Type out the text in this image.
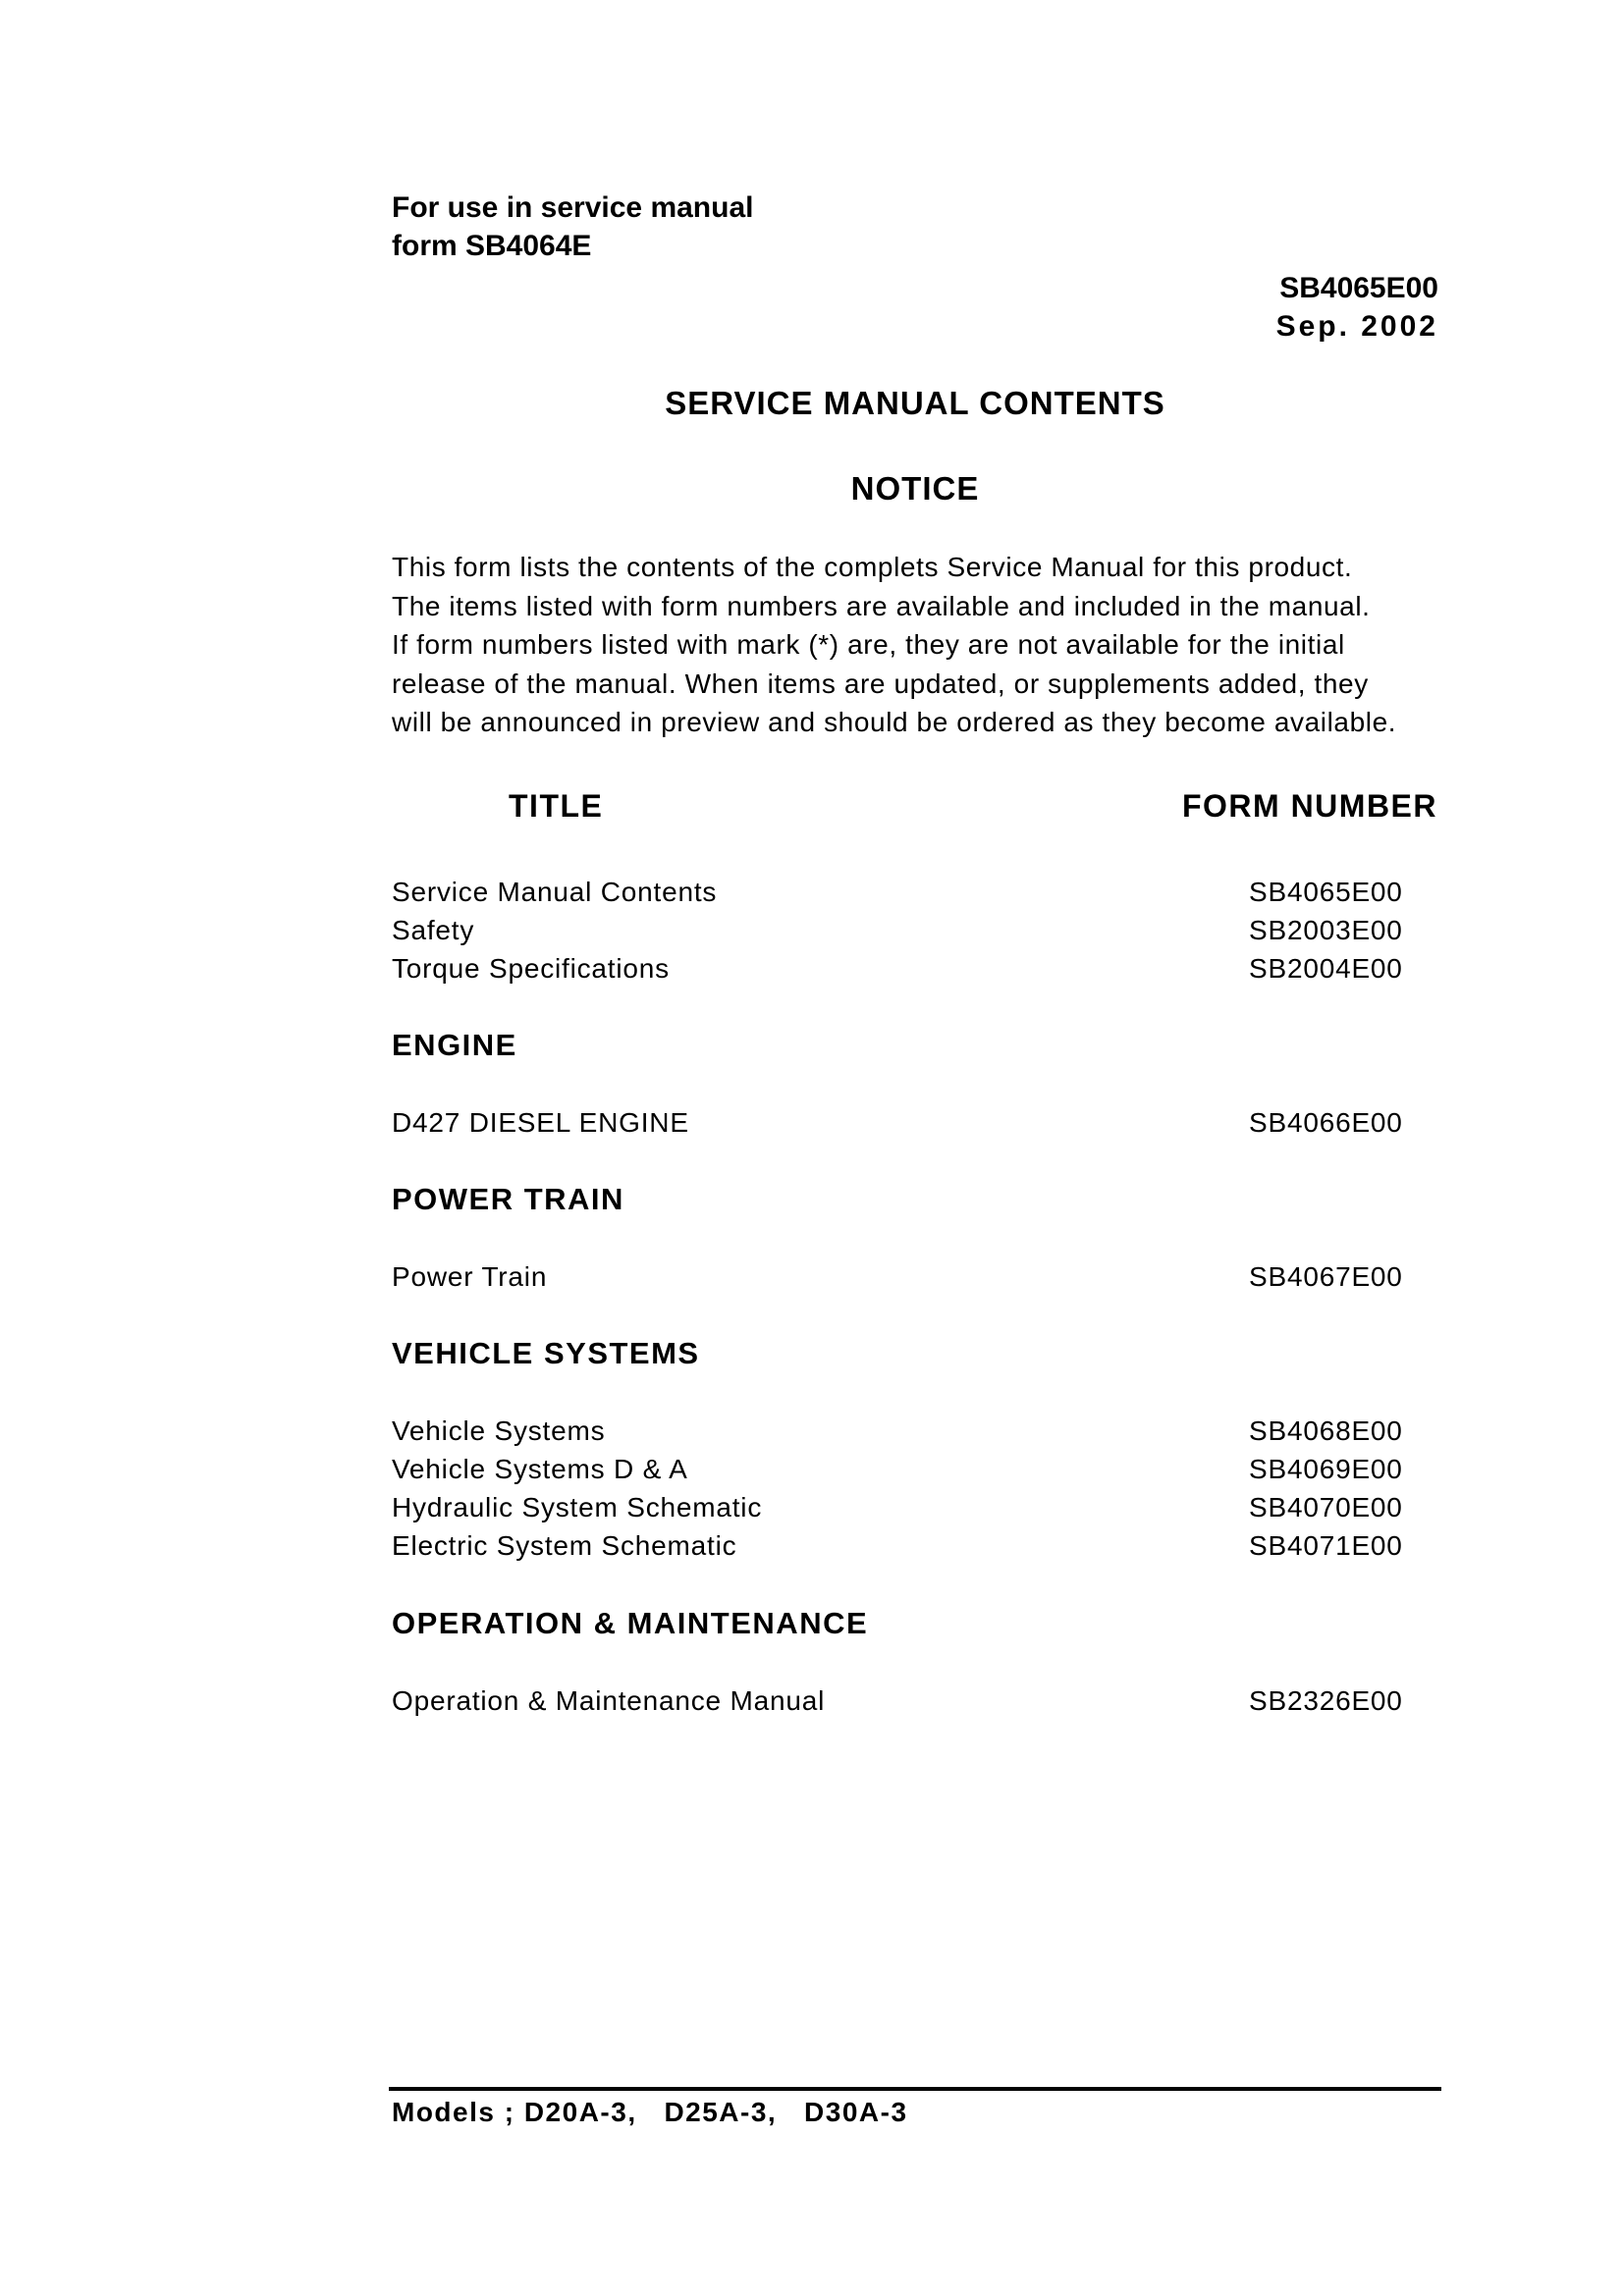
For use in service manual
form SB4064E
SB4065E00
Sep. 2002
SERVICE MANUAL CONTENTS
NOTICE
This form lists the contents of the complets Service Manual for this product.
The items listed with form numbers are available and included in the manual.
If form numbers listed with mark (*) are, they are not available for the initial
release of the manual. When items are updated, or supplements added, they
will be announced in preview and should be ordered as they become available.
TITLE	FORM NUMBER
Service Manual Contents	SB4065E00
Safety	SB2003E00
Torque Specifications	SB2004E00
ENGINE
D427 DIESEL ENGINE	SB4066E00
POWER TRAIN
Power Train	SB4067E00
VEHICLE SYSTEMS
Vehicle Systems	SB4068E00
Vehicle Systems D & A	SB4069E00
Hydraulic System Schematic	SB4070E00
Electric System Schematic	SB4071E00
OPERATION & MAINTENANCE
Operation & Maintenance Manual	SB2326E00
Models ; D20A-3,   D25A-3,   D30A-3
